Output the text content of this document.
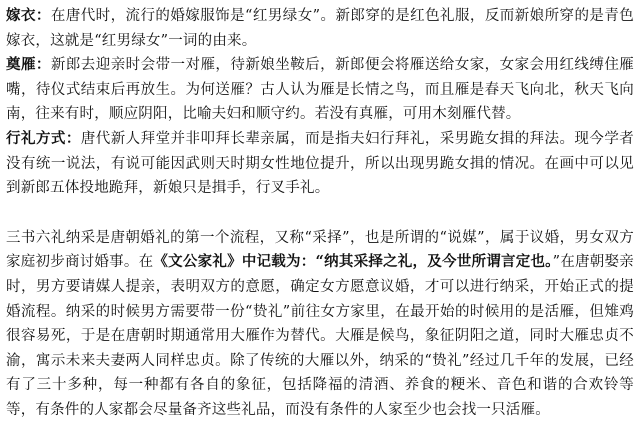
嫁衣：在唐代时，流行的婚嫁服饰是“红男绿女”。新郎穿的是红色礼服，反而新娘所穿的是青色嫁衣，这就是“红男绿女”一词的由来。

奠雁：新郎去迎亲时会带一对雁，待新娘坐鞍后，新郎便会将雁送给女家，女家会用红线缚住雁嘴，待仪式结束后再放生。为何送雁？古人认为雁是长情之鸟，而且雁是春天飞向北，秋天飞向南，往来有时，顺应阴阳，比喻夫妇和顺守约。若没有真雁，可用木刻雁代替。

行礼方式：唐代新人拜堂并非叩拜长辈亲属，而是指夫妇行拜礼，采男跪女揖的拜法。现今学者没有统一说法，有说可能因武则天时期女性地位提升，所以出现男跪女揖的情况。在画中可以见到新郎五体投地跪拜，新娘只是揖手，行叉手礼。

三书六礼纳采是唐朝婚礼的第一个流程，又称“采择”，也是所谓的“说媒”，属于议婚，男女双方家庭初步商讨婚事。在《文公家礼》中记载为：“纳其采择之礼，及今世所谓言定也。”在唐朝娶亲时，男方要请媒人提亲，表明双方的意愿，确定女方愿意议婚，才可以进行纳采，开始正式的提婚流程。纳采的时候男方需要带一份“贽礼”前往女方家里，在最开始的时候用的是活雁，但雉鸡很容易死，于是在唐朝时期通常用大雁作为替代。大雁是候鸟，象征阴阳之道，同时大雁忠贞不渝，寓示未来夫妻两人同样忠贞。除了传统的大雁以外，纳采的“贽礼”经过几千年的发展，已经有了三十多种，每一种都有各自的象征，包括降福的清酒、养食的粳米、音色和谐的合欢铃等等，有条件的人家都会尽量备齐这些礼品，而没有条件的人家至少也会找一只活雁。
